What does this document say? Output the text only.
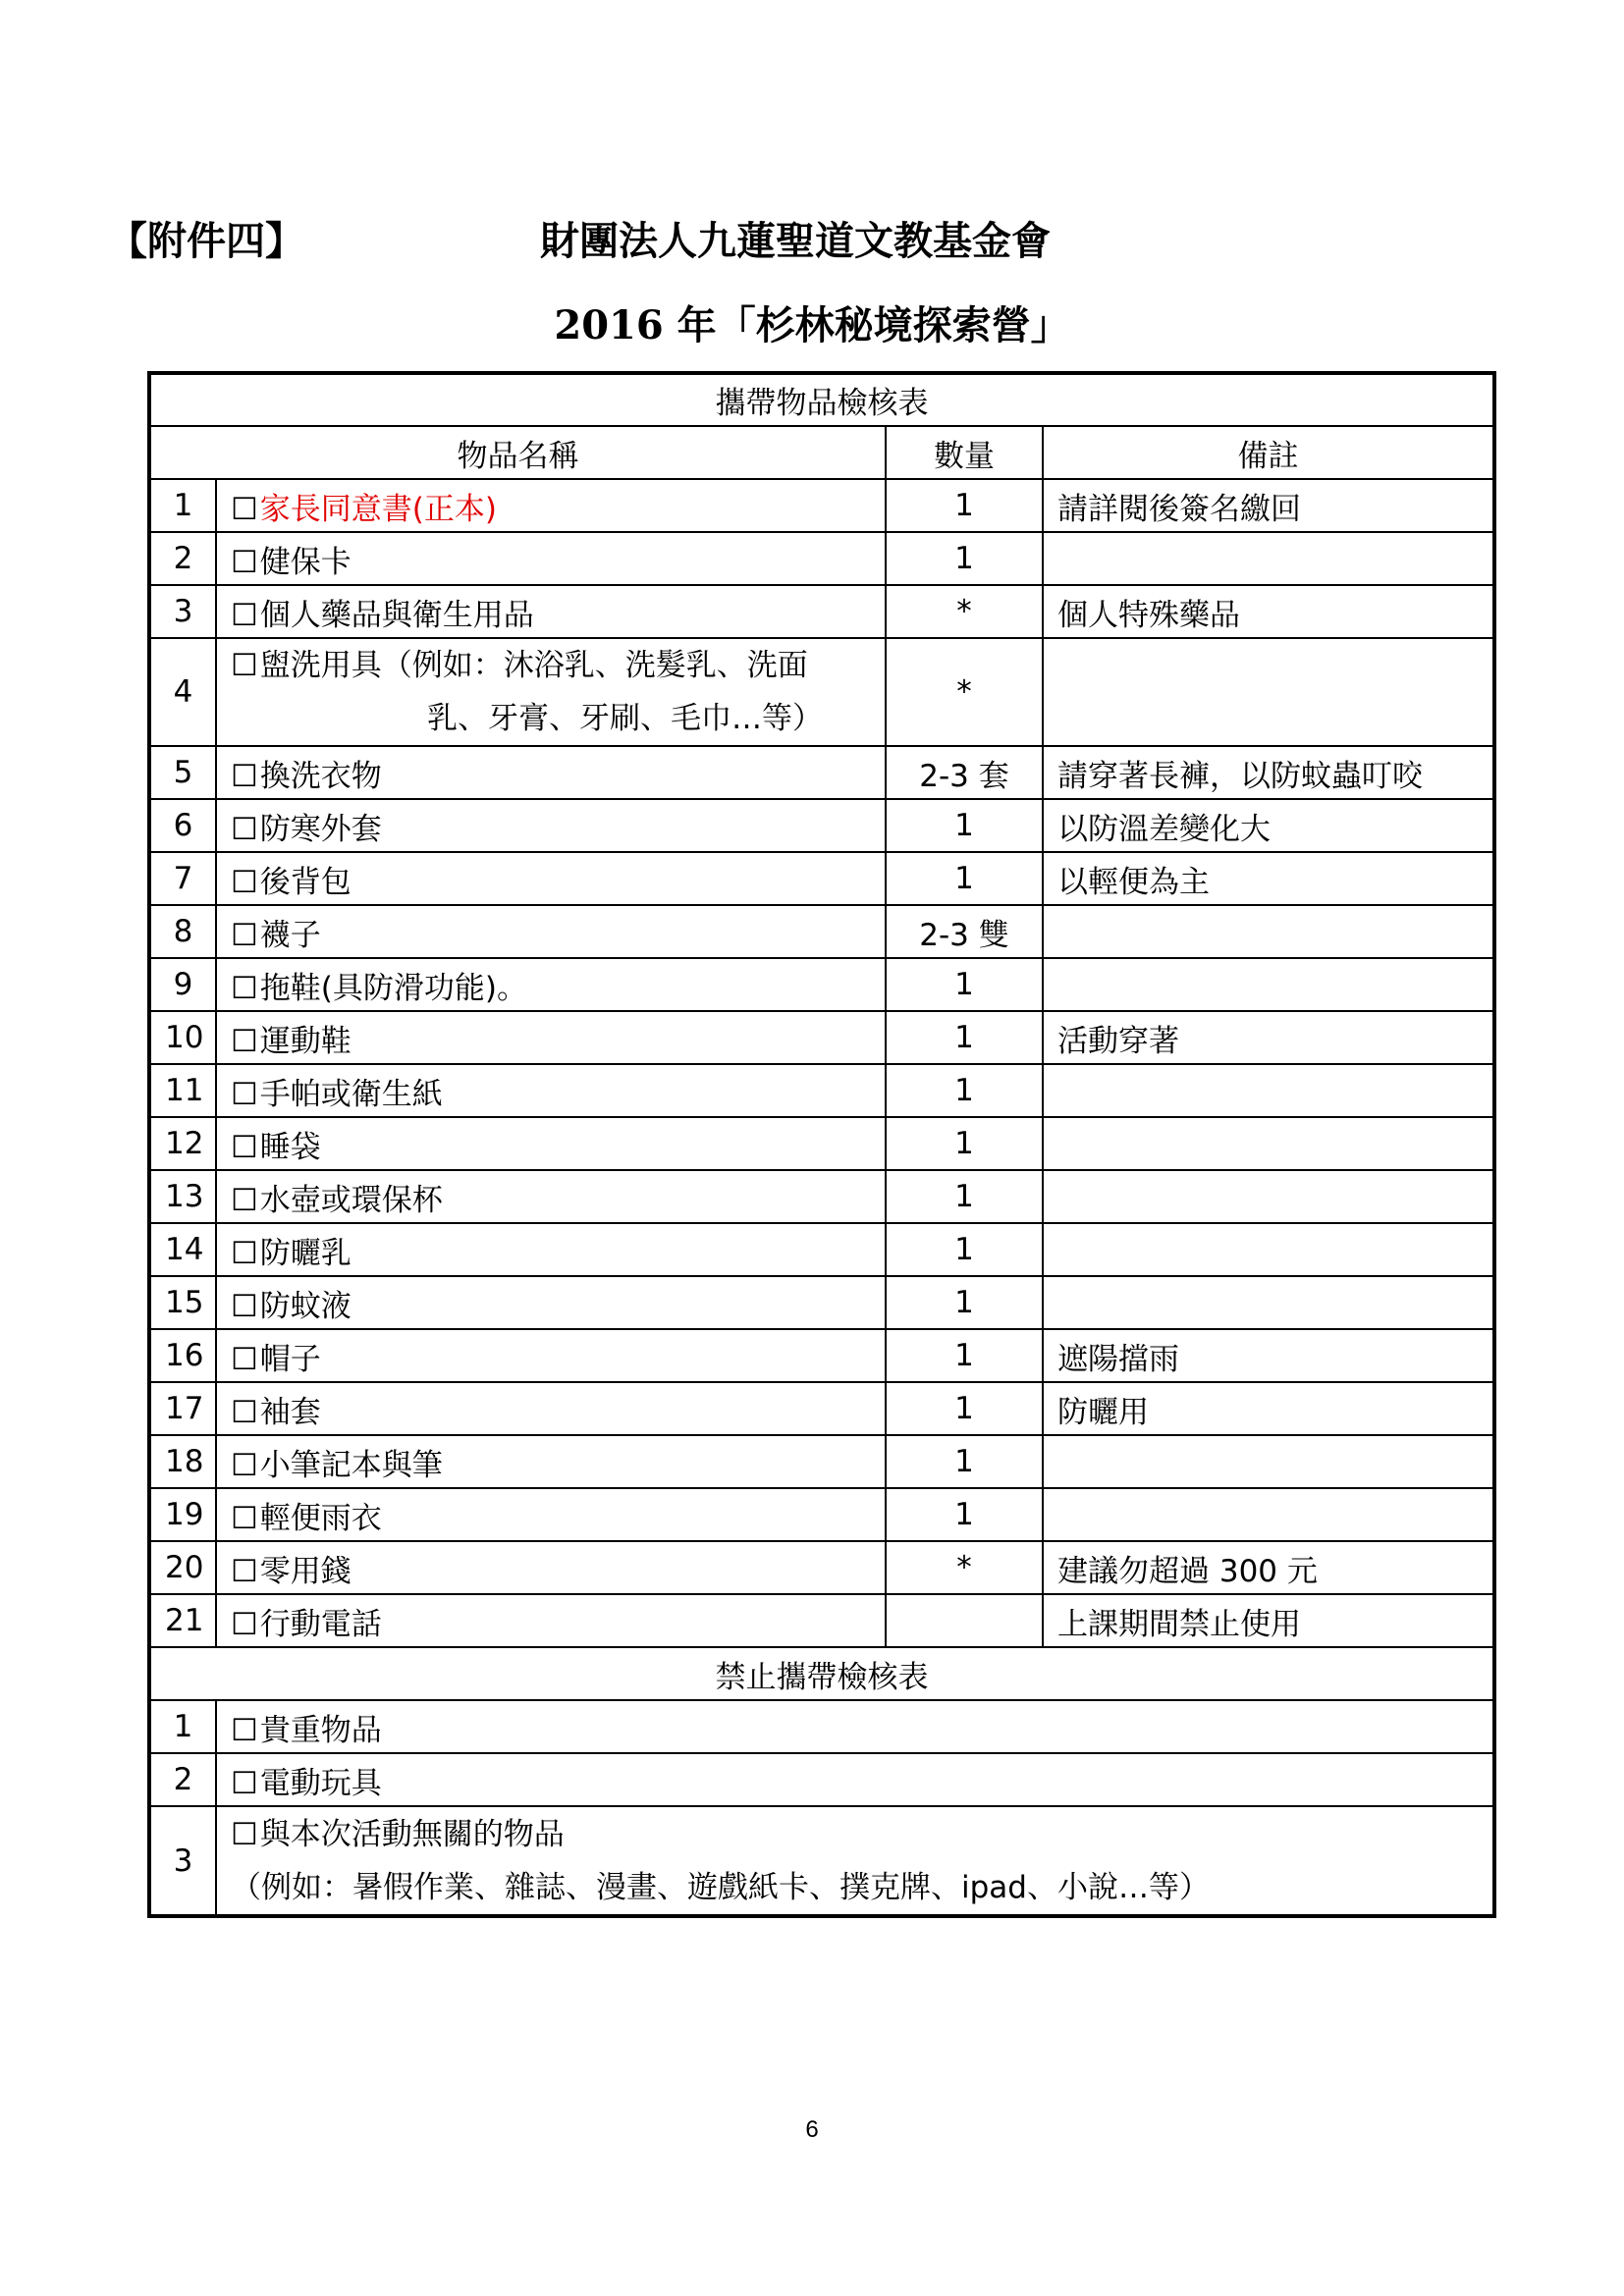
【附件四】	財團法人九蓮聖道文教基金會
2016 年「杉林秘境探索營」
攜帶物品檢核表			
物品名稱		數量	備註
1	☐家長同意書(正本)	1	請詳閱後簽名繳回
2	☐健保卡	1	
3	☐個人藥品與衛生用品	*	個人特殊藥品
4	☐盥洗用具（例如：沐浴乳、洗髮乳、洗面
乳、牙膏、牙刷、毛巾…等）	*	
5	☐換洗衣物	2-3 套	請穿著長褲，以防蚊蟲叮咬
6	☐防寒外套	1	以防溫差變化大
7	☐後背包	1	以輕便為主
8	☐襪子	2-3 雙	
9	☐拖鞋(具防滑功能)。	1	
10	☐運動鞋	1	活動穿著
11	☐手帕或衛生紙	1	
12	☐睡袋	1	
13	☐水壺或環保杯	1	
14	☐防曬乳	1	
15	☐防蚊液	1	
16	☐帽子	1	遮陽擋雨
17	☐袖套	1	防曬用
18	☐小筆記本與筆	1	
19	☐輕便雨衣	1	
20	☐零用錢	*	建議勿超過 300 元
21	☐行動電話		上課期間禁止使用
禁止攜帶檢核表			
1	☐貴重物品		
2	☐電動玩具		
3	☐與本次活動無關的物品
（例如：暑假作業、雜誌、漫畫、遊戲紙卡、撲克牌、ipad、小說…等）		
6
